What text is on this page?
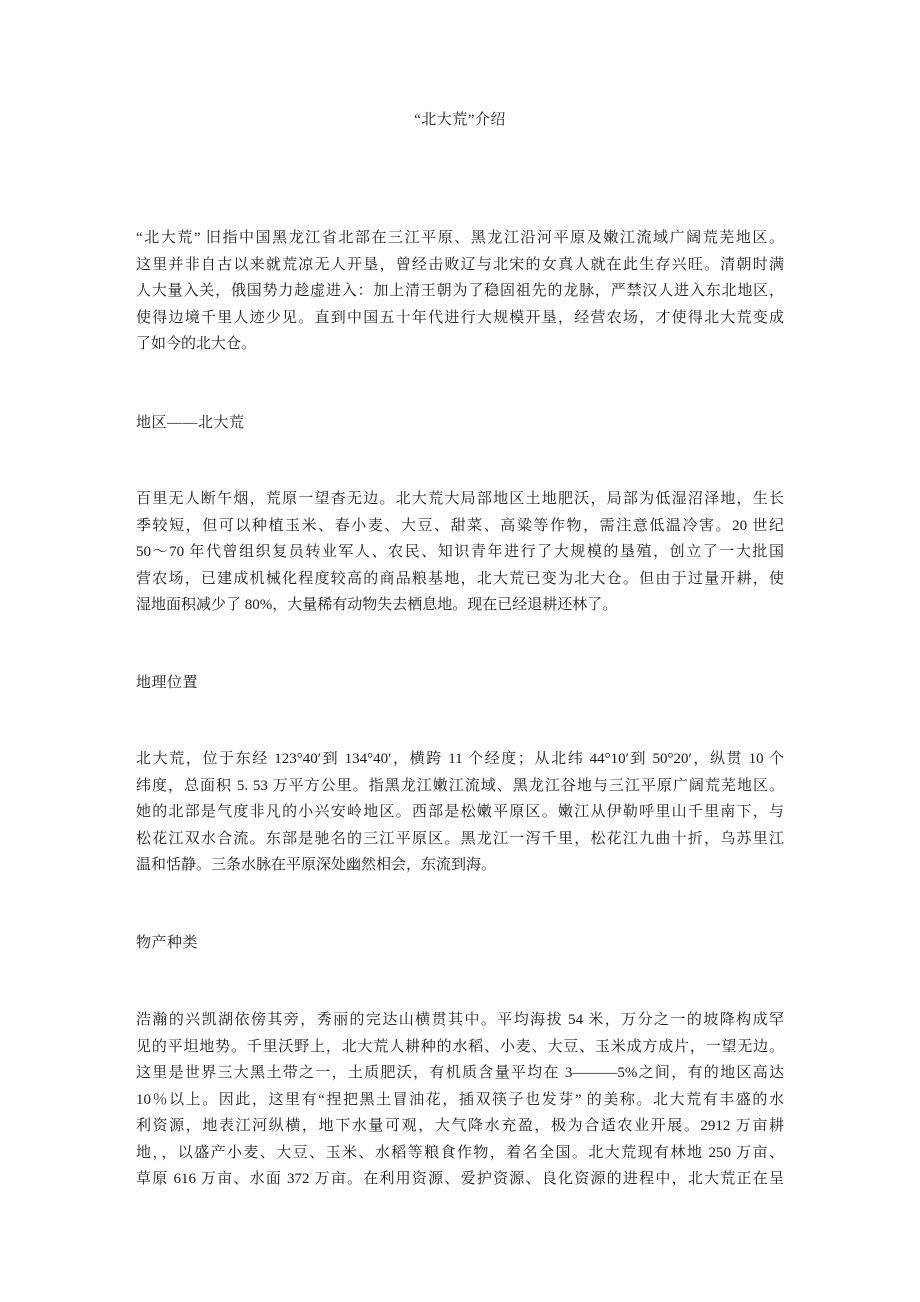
“北大荒”介绍
“北大荒” 旧指中国黑龙江省北部在三江平原、黑龙江沿河平原及嫩江流域广阔荒芜地区。
这里并非自古以来就荒凉无人开垦，曾经击败辽与北宋的女真人就在此生存兴旺。清朝时满
人大量入关，俄国势力趁虚进入：加上清王朝为了稳固祖先的龙脉，严禁汉人进入东北地区，
使得边境千里人迹少见。直到中国五十年代进行大规模开垦，经营农场，才使得北大荒变成
了如今的北大仓。
地区——北大荒
百里无人断午烟，荒原一望杳无边。北大荒大局部地区土地肥沃，局部为低湿沼泽地，生长
季较短，但可以种植玉米、春小麦、大豆、甜菜、高粱等作物，需注意低温冷害。20 世纪
50～70 年代曾组织复员转业军人、农民、知识青年进行了大规模的垦殖，创立了一大批国
营农场，已建成机械化程度较高的商品粮基地，北大荒已变为北大仓。但由于过量开耕，使
湿地面积减少了 80%，大量稀有动物失去栖息地。现在已经退耕还林了。
地理位置
北大荒，位于东经 123°40′到 134°40′，横跨 11 个经度；从北纬 44°10′到 50°20′，纵贯 10 个
纬度，总面积 5. 53 万平方公里。指黑龙江嫩江流域、黑龙江谷地与三江平原广阔荒芜地区。
她的北部是气度非凡的小兴安岭地区。西部是松嫩平原区。嫩江从伊勒呼里山千里南下，与
松花江双水合流。东部是驰名的三江平原区。黑龙江一泻千里，松花江九曲十折，乌苏里江
温和恬静。三条水脉在平原深处幽然相会，东流到海。
物产种类
浩瀚的兴凯湖依傍其旁，秀丽的完达山横贯其中。平均海拔 54 米，万分之一的坡降构成罕
见的平坦地势。千里沃野上，北大荒人耕种的水稻、小麦、大豆、玉米成方成片，一望无边。
这里是世界三大黑土带之一，土质肥沃，有机质含量平均在 3———5%之间，有的地区高达
10％以上。因此，这里有“捏把黑土冒油花，插双筷子也发芽” 的美称。北大荒有丰盛的水
利资源，地表江河纵横，地下水量可观，大气降水充盈，极为合适农业开展。2912 万亩耕
地，，以盛产小麦、大豆、玉米、水稻等粮食作物，着名全国。北大荒现有林地 250 万亩、
草原 616 万亩、水面 372 万亩。在利用资源、爱护资源、良化资源的进程中，北大荒正在呈
